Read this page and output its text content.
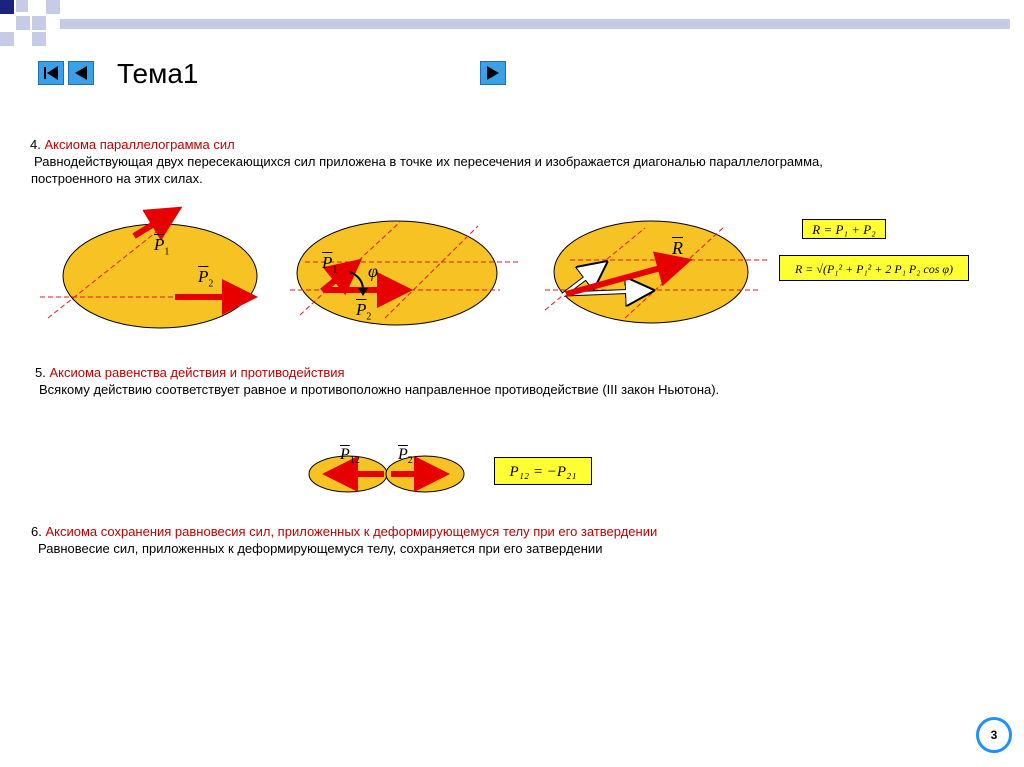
Тема1
4. Аксиома параллелограмма сил
Равнодействующая двух пересекающихся сил приложена в точке их пересечения и изображается диагональю параллелограмма,
построенного на этих силах.
$\overline{P}_1$
$\overline{P}_2$
$\overline{P}_1$ φ
$\overline{P}_2$
$\overline{R}$
$\overline{P}_{12}$ $\overline{P}_{21}$
R = P₁ + P₂
R = √(P₁² + P₁² + 2 P₁ P₂ cos φ)
P₁₂ = −P₂₁
5. Аксиома равенства действия и противодействия
Всякому действию соответствует равное и противоположно направленное противодействие (III закон Ньютона).
6. Аксиома сохранения равновесия сил, приложенных к деформирующемуся телу при его затвердении
Равновесие сил, приложенных к деформирующемуся телу, сохраняется при его затвердении
3
